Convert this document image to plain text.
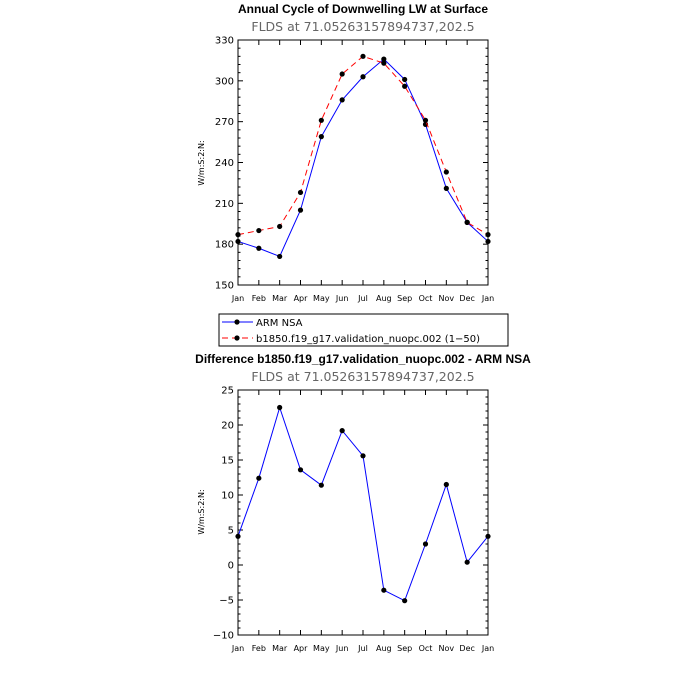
Annual Cycle of Downwelling LW at Surface
FLDS at 71.05263157894737,202.5
W/m:S:2:N:
150
180
210
240
270
300
330
Jan Feb Mar Apr May Jun Jul Aug Sep Oct Nov Dec Jan
ARM NSA
b1850.f19_g17.validation_nuopc.002 (1−50)
Difference b1850.f19_g17.validation_nuopc.002 - ARM NSA
FLDS at 71.05263157894737,202.5
W/m:S:2:N:
−10
−5
0
5
10
15
20
25
Jan Feb Mar Apr May Jun Jul Aug Sep Oct Nov Dec Jan
